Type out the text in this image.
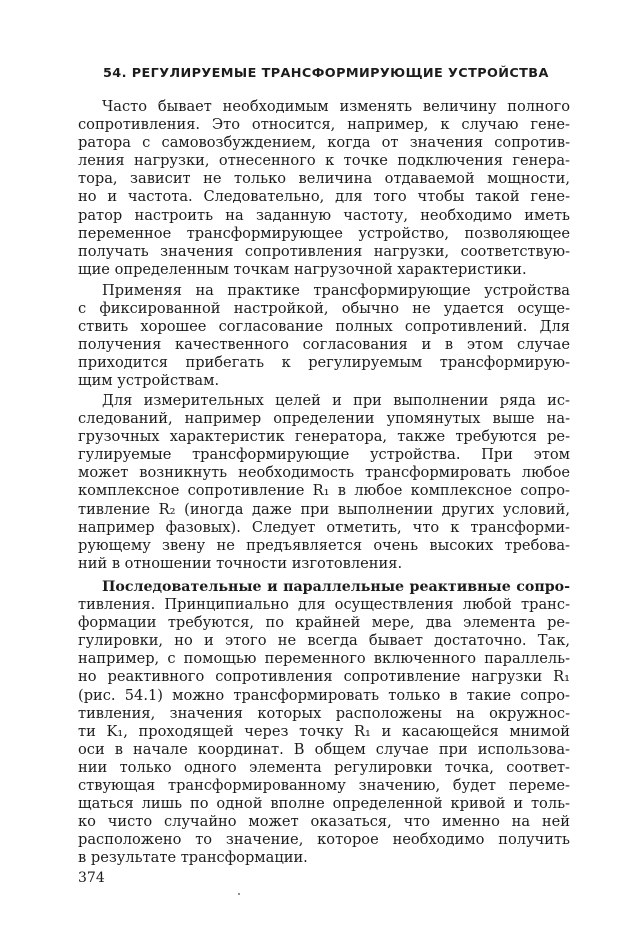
54. РЕГУЛИРУЕМЫЕ ТРАНСФОРМИРУЮЩИЕ УСТРОЙСТВА
Часто бывает необходимым изменять величину полного
сопротивления. Это относится, например, к случаю гене-
ратора с самовозбуждением, когда от значения сопротив-
ления нагрузки, отнесенного к точке подключения генера-
тора, зависит не только величина отдаваемой мощности,
но и частота. Следовательно, для того чтобы такой гене-
ратор настроить на заданную частоту, необходимо иметь
переменное трансформирующее устройство, позволяющее
получать значения сопротивления нагрузки, соответствую-
щие определенным точкам нагрузочной характеристики.
Применяя на практике трансформирующие устройства
с фиксированной настройкой, обычно не удается осуще-
ствить хорошее согласование полных сопротивлений. Для
получения качественного согласования и в этом случае
приходится прибегать к регулируемым трансформирую-
щим устройствам.
Для измерительных целей и при выполнении ряда ис-
следований, например определении упомянутых выше на-
грузочных характеристик генератора, также требуются ре-
гулируемые трансформирующие устройства. При этом
может возникнуть необходимость трансформировать любое
комплексное сопротивление R₁ в любое комплексное сопро-
тивление R₂ (иногда даже при выполнении других условий,
например фазовых). Следует отметить, что к трансформи-
рующему звену не предъявляется очень высоких требова-
ний в отношении точности изготовления.
Последовательные и параллельные реактивные сопро-
тивления. Принципиально для осуществления любой транс-
формации требуются, по крайней мере, два элемента ре-
гулировки, но и этого не всегда бывает достаточно. Так,
например, с помощью переменного включенного параллель-
но реактивного сопротивления сопротивление нагрузки R₁
(рис. 54.1) можно трансформировать только в такие сопро-
тивления, значения которых расположены на окружнос-
ти K₁, проходящей через точку R₁ и касающейся мнимой
оси в начале координат. В общем случае при использова-
нии только одного элемента регулировки точка, соответ-
ствующая трансформированному значению, будет переме-
щаться лишь по одной вполне определенной кривой и толь-
ко чисто случайно может оказаться, что именно на ней
расположено то значение, которое необходимо получить
в результате трансформации.

374
